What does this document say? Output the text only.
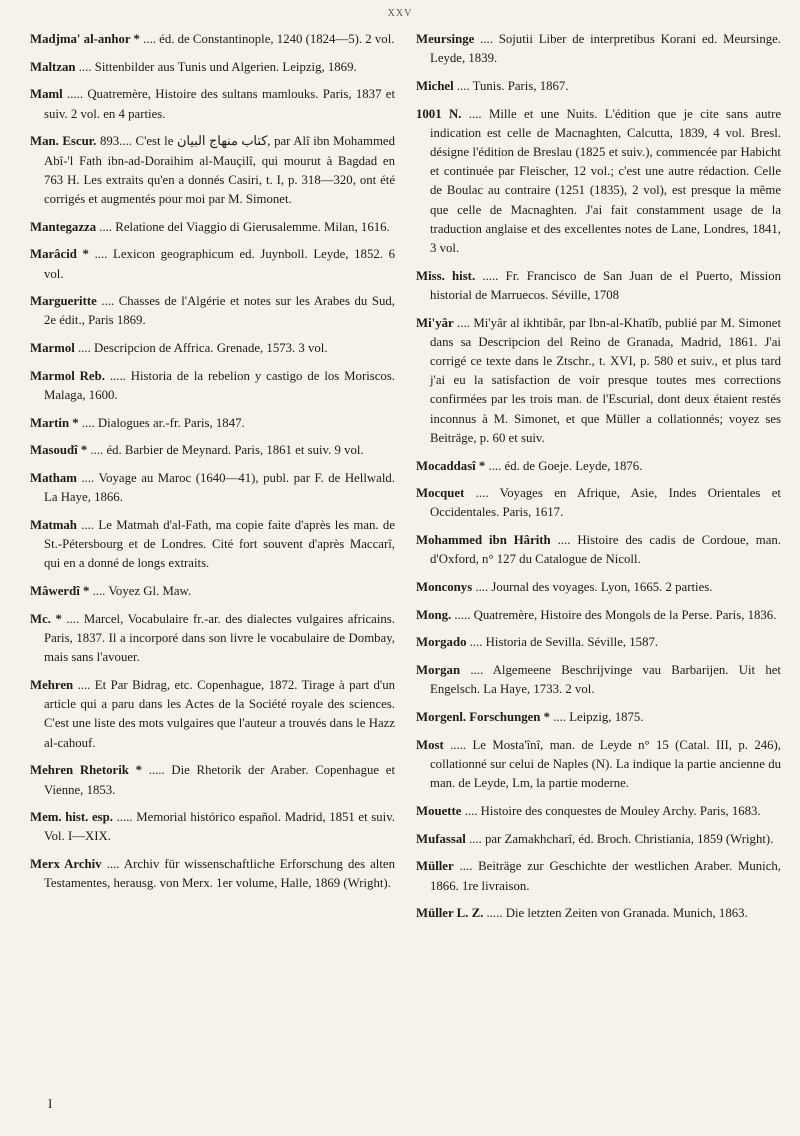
XXV

Madjma' al-anhor * .... éd. de Constantinople, 1240 (1824—5). 2 vol.

Maltzan .... Sittenbilder aus Tunis und Algerien. Leipzig, 1869.

Maml ..... Quatremère, Histoire des sultans mamlouks. Paris, 1837 et suiv. 2 vol. en 4 parties.

Man. Escur. 893.... C'est le كتاب منهاج البيان, par Alî ibn Mohammed Abî-'l Fath ibn-ad-Doraihim al-Mauçilî, qui mourut à Bagdad en 763 H. Les extraits qu'en a donnés Casiri, t. I, p. 318—320, ont été corrigés et augmentés pour moi par M. Simonet.

Mantegazza .... Relatione del Viaggio di Gierusalemme. Milan, 1616.

Marâcid * .... Lexicon geographicum ed. Juynboll. Leyde, 1852. 6 vol.

Margueritte .... Chasses de l'Algérie et notes sur les Arabes du Sud, 2e édit., Paris 1869.

Marmol .... Descripcion de Affrica. Grenade, 1573. 3 vol.

Marmol Reb. ..... Historia de la rebelion y castigo de los Moriscos. Malaga, 1600.

Martin * .... Dialogues ar.-fr. Paris, 1847.

Masoudî * .... éd. Barbier de Meynard. Paris, 1861 et suiv. 9 vol.

Matham .... Voyage au Maroc (1640—41), publ. par F. de Hellwald. La Haye, 1866.

Matmah .... Le Matmah d'al-Fath, ma copie faite d'après les man. de St.-Pétersbourg et de Londres. Cité fort souvent d'après Maccarî, qui en a donné de longs extraits.

Mâwerdî * .... Voyez Gl. Maw.

Mc. * .... Marcel, Vocabulaire fr.-ar. des dialectes vulgaires africains. Paris, 1837. Il a incorporé dans son livre le vocabulaire de Dombay, mais sans l'avouer.

Mehren .... Et Par Bidrag, etc. Copenhague, 1872. Tirage à part d'un article qui a paru dans les Actes de la Société royale des sciences. C'est une liste des mots vulgaires que l'auteur a trouvés dans le Hazz al-cahouf.

Mehren Rhetorik * ..... Die Rhetorik der Araber. Copenhague et Vienne, 1853.

Mem. hist. esp. ..... Memorial histórico español. Madrid, 1851 et suiv. Vol. I—XIX.

Merx Archiv .... Archiv für wissenschaftliche Erforschung des alten Testamentes, herausg. von Merx. 1er volume, Halle, 1869 (Wright).

Meursinge .... Sojutii Liber de interpretibus Korani ed. Meursinge. Leyde, 1839.

Michel .... Tunis. Paris, 1867.

1001 N. .... Mille et une Nuits. L'édition que je cite sans autre indication est celle de Macnaghten, Calcutta, 1839, 4 vol. Bresl. désigne l'édition de Breslau (1825 et suiv.), commencée par Habicht et continuée par Fleischer, 12 vol.; c'est une autre rédaction. Celle de Boulac au contraire (1251 (1835), 2 vol), est presque la même que celle de Macnaghten. J'ai fait constamment usage de la traduction anglaise et des excellentes notes de Lane, Londres, 1841, 3 vol.

Miss. hist. ..... Fr. Francisco de San Juan de el Puerto, Mission historial de Marruecos. Séville, 1708

Mi'yâr .... Mi'yâr al ikhtibâr, par Ibn-al-Khatîb, publié par M. Simonet dans sa Descripcion del Reino de Granada, Madrid, 1861. J'ai corrigé ce texte dans le Ztschr., t. XVI, p. 580 et suiv., et plus tard j'ai eu la satisfaction de voir presque toutes mes corrections confirmées par les trois man. de l'Escurial, dont deux étaient restés inconnus à M. Simonet, et que Müller a collationnés; voyez ses Beiträge, p. 60 et suiv.

Mocaddasî * .... éd. de Goeje. Leyde, 1876.

Mocquet .... Voyages en Afrique, Asie, Indes Orientales et Occidentales. Paris, 1617.

Mohammed ibn Hârith .... Histoire des cadis de Cordoue, man. d'Oxford, n° 127 du Catalogue de Nicoll.

Monconys .... Journal des voyages. Lyon, 1665. 2 parties.

Mong. ..... Quatremère, Histoire des Mongols de la Perse. Paris, 1836.

Morgado .... Historia de Sevilla. Séville, 1587.

Morgan .... Algemeene Beschrijvinge vau Barbarijen. Uit het Engelsch. La Haye, 1733. 2 vol.

Morgenl. Forschungen * .... Leipzig, 1875.

Most ..... Le Mosta'înî, man. de Leyde n° 15 (Catal. III, p. 246), collationné sur celui de Naples (N). La indique la partie ancienne du man. de Leyde, Lm, la partie moderne.

Mouette .... Histoire des conquestes de Mouley Archy. Paris, 1683.

Mufassal .... par Zamakhcharî, éd. Broch. Christiania, 1859 (Wright).

Müller .... Beiträge zur Geschichte der westlichen Araber. Munich, 1866. 1re livraison.

Müller L. Z. ..... Die letzten Zeiten von Granada. Munich, 1863.

I
